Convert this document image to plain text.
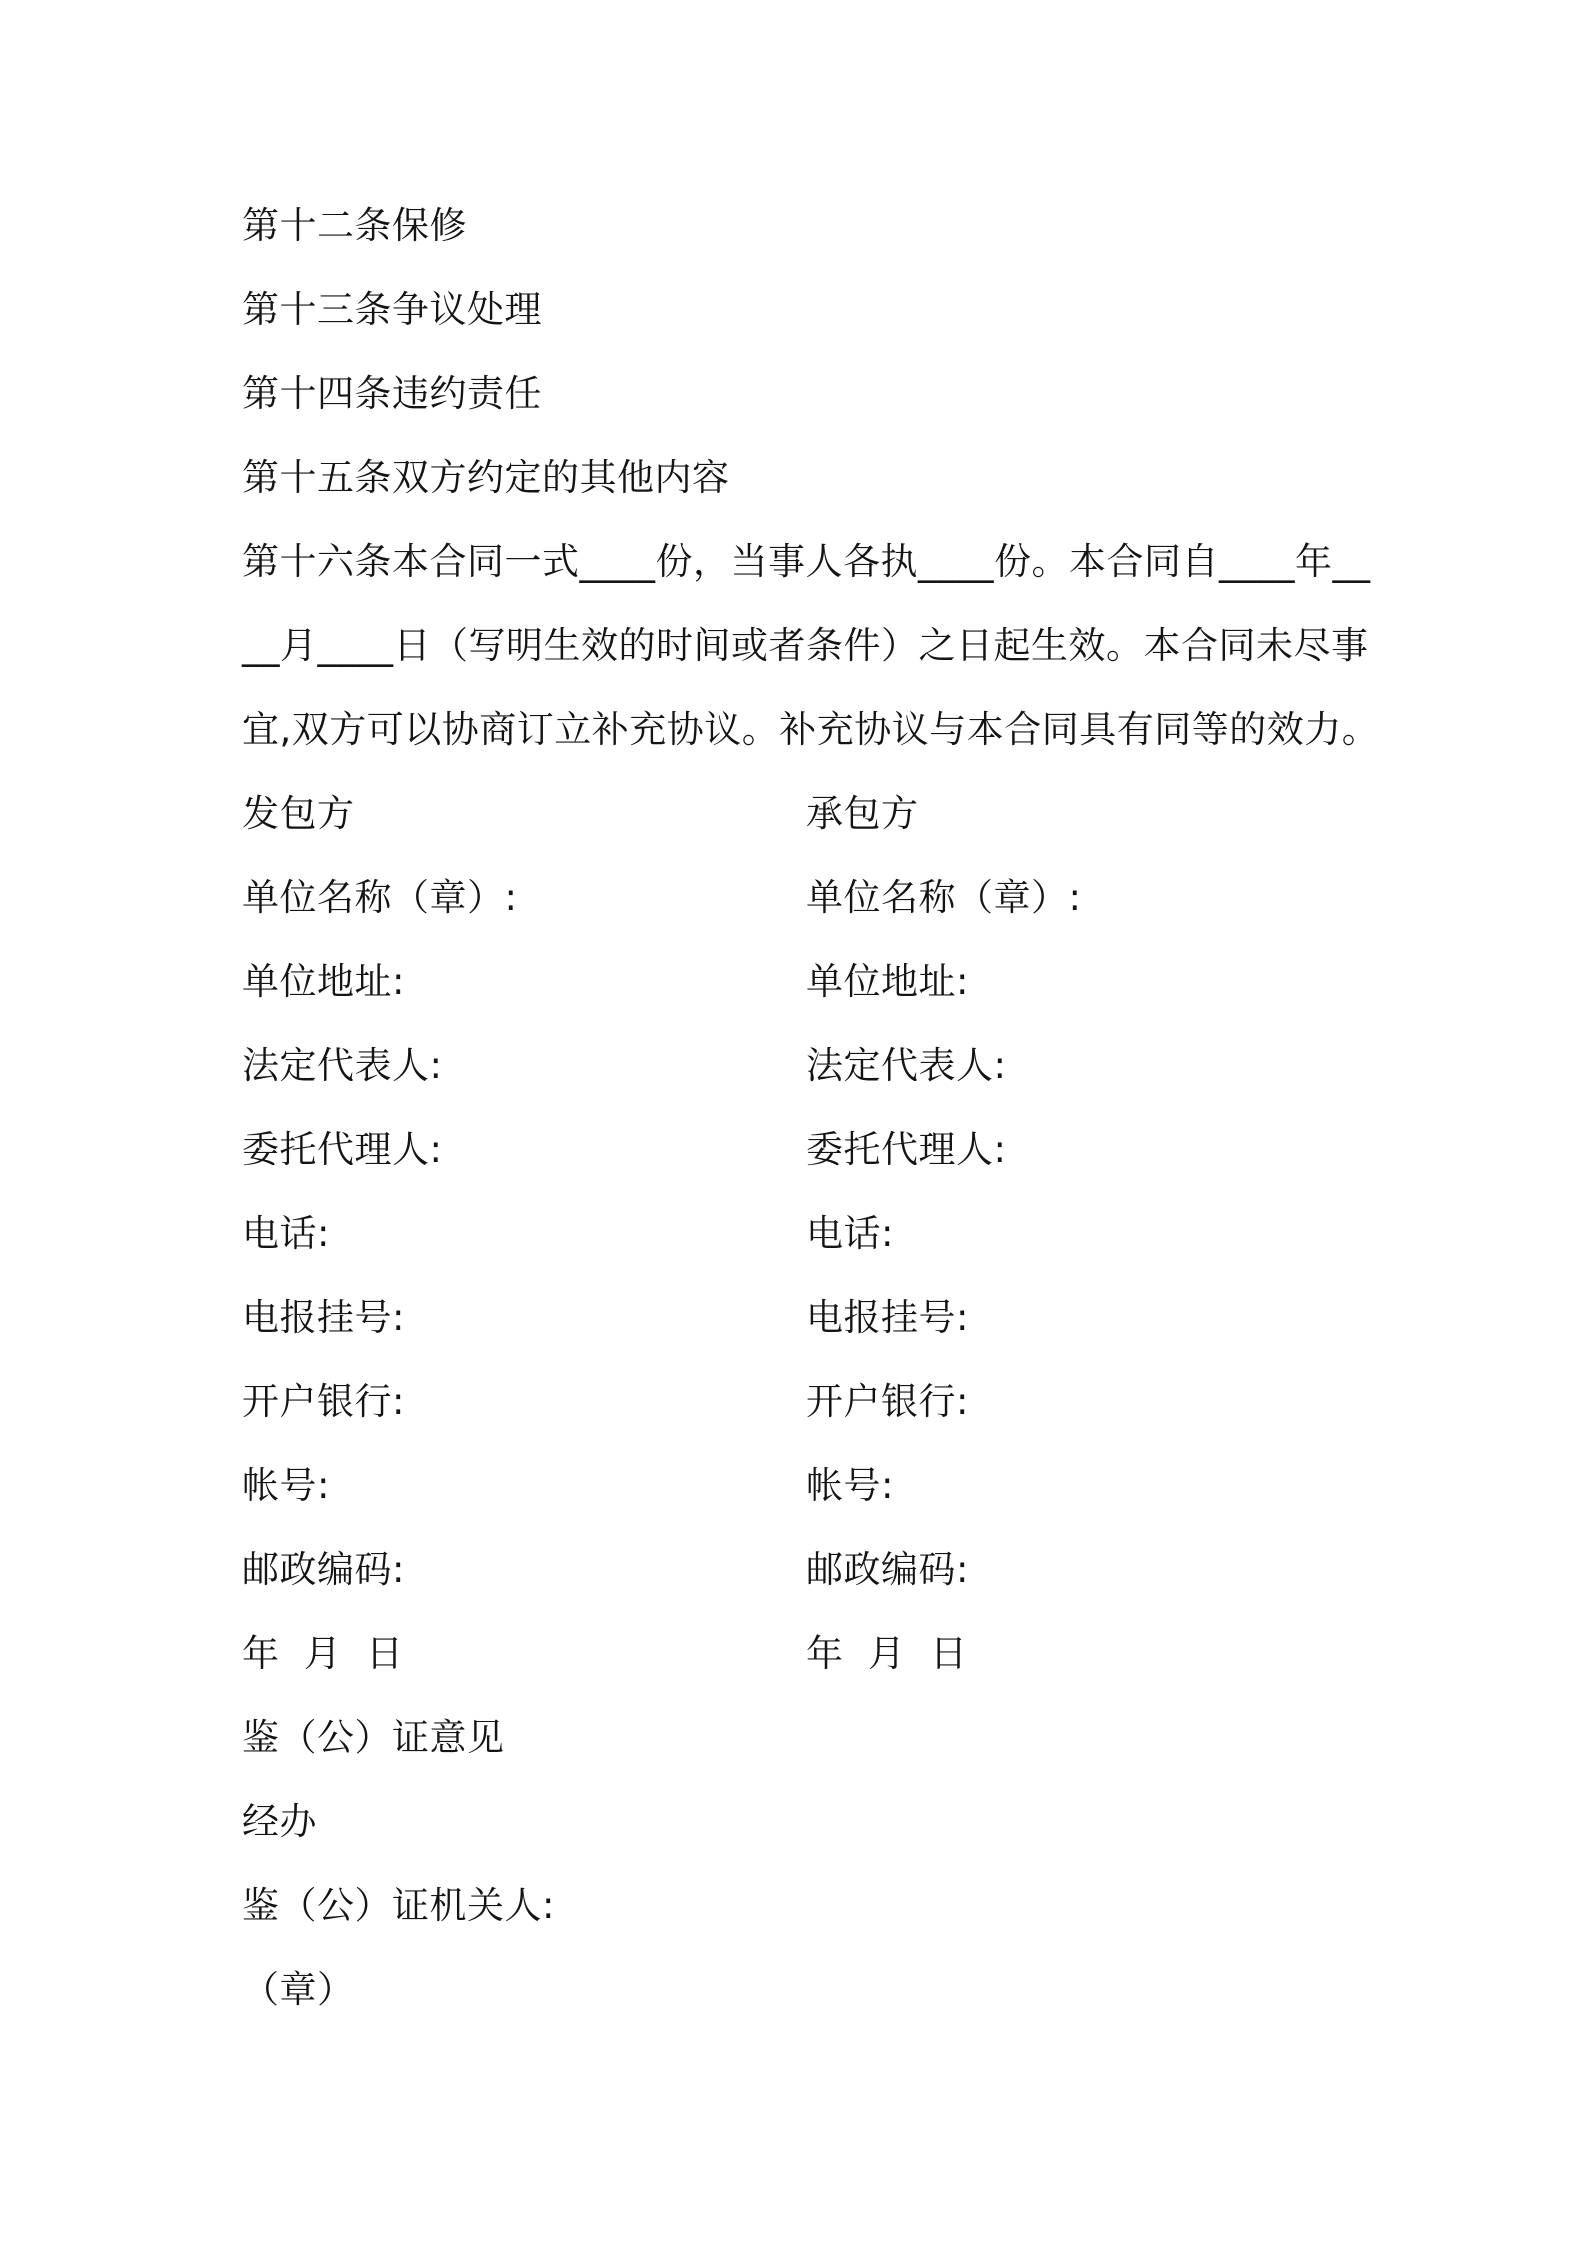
第十二条保修
第十三条争议处理
第十四条违约责任
第十五条双方约定的其他内容
第十六条本合同一式____份，当事人各执____份。本合同自____年__
__月____日（写明生效的时间或者条件）之日起生效。本合同未尽事
宜,双方可以协商订立补充协议。补充协议与本合同具有同等的效力。
发包方
单位名称（章）:
单位地址:
法定代表人:
委托代理人:
电话:
电报挂号:
开户银行:
帐号:
邮政编码:
年  月  日
承包方
单位名称（章）:
单位地址:
法定代表人:
委托代理人:
电话:
电报挂号:
开户银行:
帐号:
邮政编码:
年  月  日
鉴（公）证意见
经办
鉴（公）证机关人:
（章）
